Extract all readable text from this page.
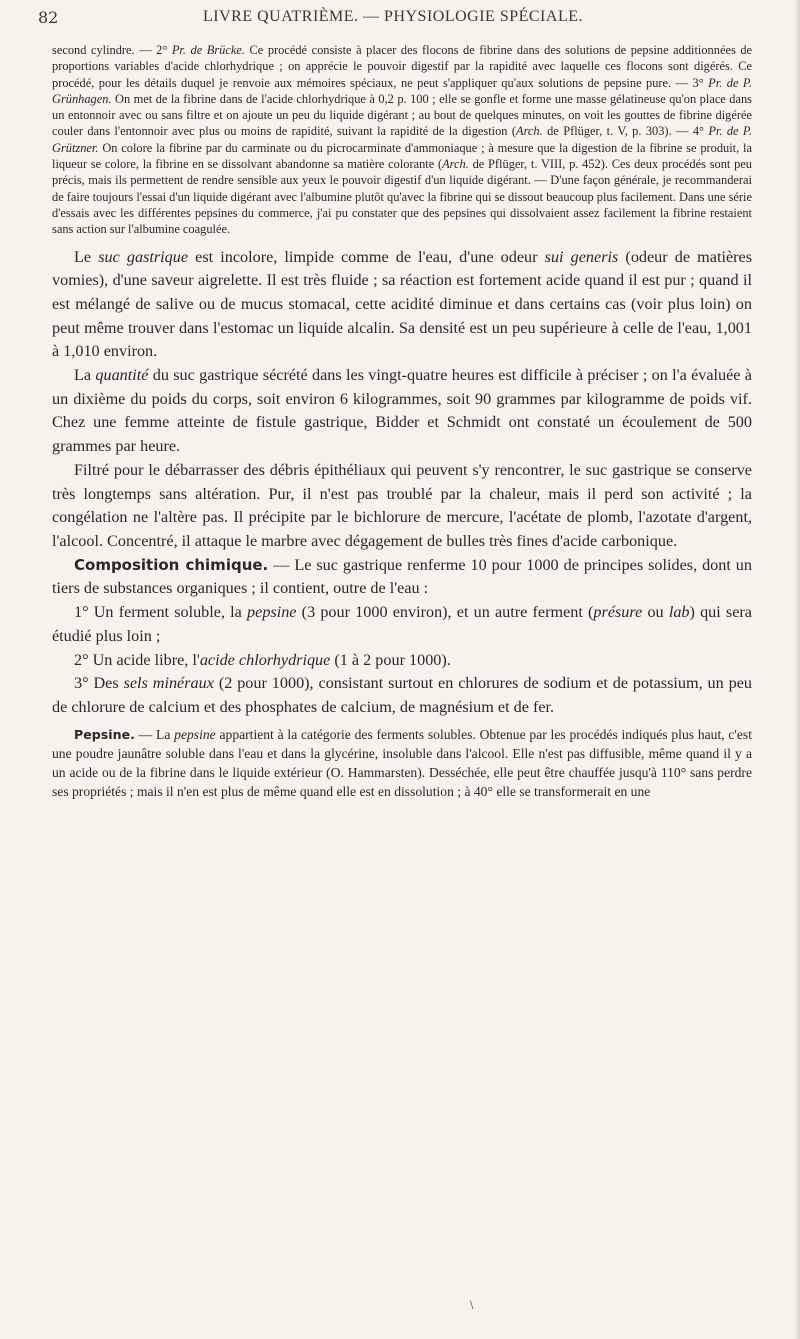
82	LIVRE QUATRIÈME. — PHYSIOLOGIE SPÉCIALE.

second cylindre. — 2° Pr. de Brücke. Ce procédé consiste à placer des flocons de fibrine dans des solutions de pepsine additionnées de proportions variables d'acide chlorhydrique ; on apprécie le pouvoir digestif par la rapidité avec laquelle ces flocons sont digérés. Ce procédé, pour les détails duquel je renvoie aux mémoires spéciaux, ne peut s'appliquer qu'aux solutions de pepsine pure. — 3° Pr. de P. Grünhagen. On met de la fibrine dans de l'acide chlorhydrique à 0,2 p. 100 ; elle se gonfle et forme une masse gélatineuse qu'on place dans un entonnoir avec ou sans filtre et on ajoute un peu du liquide digérant ; au bout de quelques minutes, on voit les gouttes de fibrine digérée couler dans l'entonnoir avec plus ou moins de rapidité, suivant la rapidité de la digestion (Arch. de Pflüger, t. V, p. 303). — 4° Pr. de P. Grützner. On colore la fibrine par du carminate ou du picrocarminate d'ammoniaque ; à mesure que la digestion de la fibrine se produit, la liqueur se colore, la fibrine en se dissolvant abandonne sa matière colorante (Arch. de Pflüger, t. VIII, p. 452). Ces deux procédés sont peu précis, mais ils permettent de rendre sensible aux yeux le pouvoir digestif d'un liquide digérant. — D'une façon générale, je recommanderai de faire toujours l'essai d'un liquide digérant avec l'albumine plutôt qu'avec la fibrine qui se dissout beaucoup plus facilement. Dans une série d'essais avec les différentes pepsines du commerce, j'ai pu constater que des pepsines qui dissolvaient assez facilement la fibrine restaient sans action sur l'albumine coagulée.

Le suc gastrique est incolore, limpide comme de l'eau, d'une odeur sui generis (odeur de matières vomies), d'une saveur aigrelette. Il est très fluide ; sa réaction est fortement acide quand il est pur ; quand il est mélangé de salive ou de mucus stomacal, cette acidité diminue et dans certains cas (voir plus loin) on peut même trouver dans l'estomac un liquide alcalin. Sa densité est un peu supérieure à celle de l'eau, 1,001 à 1,010 environ.

La quantité du suc gastrique sécrété dans les vingt-quatre heures est difficile à préciser ; on l'a évaluée à un dixième du poids du corps, soit environ 6 kilogrammes, soit 90 grammes par kilogramme de poids vif. Chez une femme atteinte de fistule gastrique, Bidder et Schmidt ont constaté un écoulement de 500 grammes par heure.

Filtré pour le débarrasser des débris épithéliaux qui peuvent s'y rencontrer, le suc gastrique se conserve très longtemps sans altération. Pur, il n'est pas troublé par la chaleur, mais il perd son activité ; la congélation ne l'altère pas. Il précipite par le bichlorure de mercure, l'acétate de plomb, l'azotate d'argent, l'alcool. Concentré, il attaque le marbre avec dégagement de bulles très fines d'acide carbonique.

Composition chimique. — Le suc gastrique renferme 10 pour 1000 de principes solides, dont un tiers de substances organiques ; il contient, outre de l'eau :

1° Un ferment soluble, la pepsine (3 pour 1000 environ), et un autre ferment (présure ou lab) qui sera étudié plus loin ;

2° Un acide libre, l'acide chlorhydrique (1 à 2 pour 1000).

3° Des sels minéraux (2 pour 1000), consistant surtout en chlorures de sodium et de potassium, un peu de chlorure de calcium et des phosphates de calcium, de magnésium et de fer.

Pepsine. — La pepsine appartient à la catégorie des ferments solubles. Obtenue par les procédés indiqués plus haut, c'est une poudre jaunâtre soluble dans l'eau et dans la glycérine, insoluble dans l'alcool. Elle n'est pas diffusible, même quand il y a un acide ou de la fibrine dans le liquide extérieur (O. Hammarsten). Desséchée, elle peut être chauffée jusqu'à 110° sans perdre ses propriétés ; mais il n'en est plus de même quand elle est en dissolution ; à 40° elle se transformerait en une

\
